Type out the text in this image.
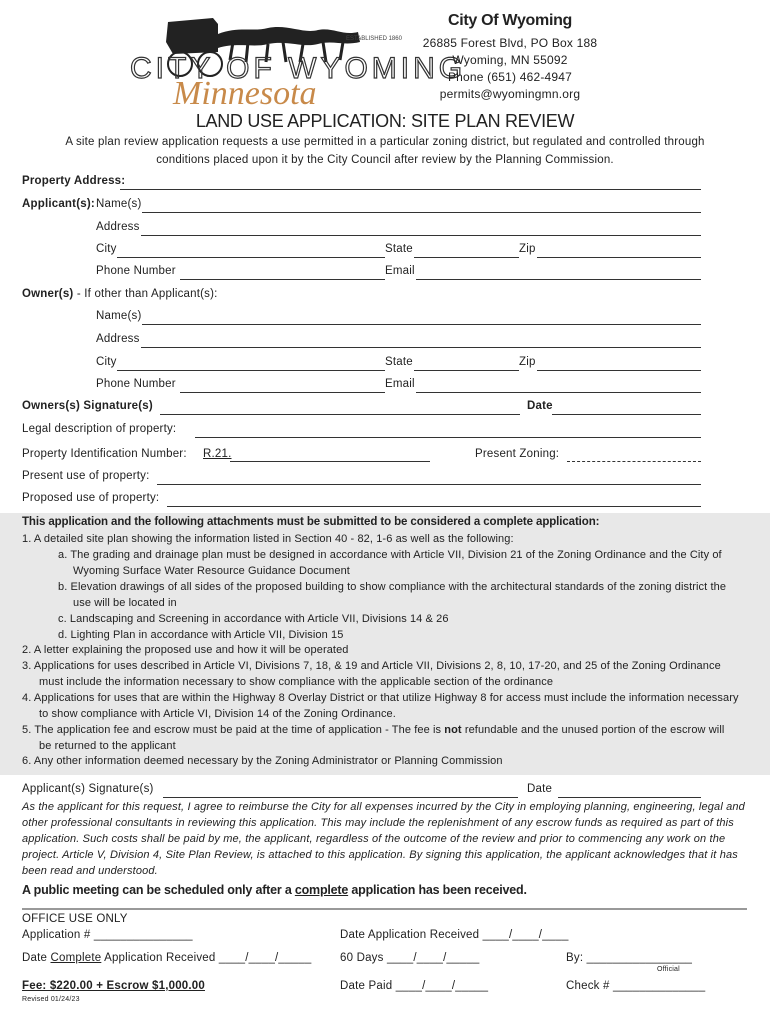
CITY OF WYOMING
ESTABLISHED 1860
Minnesota
City Of Wyoming
26885 Forest Blvd, PO Box 188
Wyoming, MN 55092
Phone (651) 462-4947
permits@wyomingmn.org
LAND USE APPLICATION: SITE PLAN REVIEW
A site plan review application requests a use permitted in a particular zoning district, but regulated and controlled through
conditions placed upon it by the City Council after review by the Planning Commission.
Property Address:
Applicant(s): Name(s)
Address
City	State	Zip
Phone Number	Email
Owner(s) - If other than Applicant(s):
Name(s)
Address
City	State	Zip
Phone Number	Email
Owners(s) Signature(s)	Date
Legal description of property:
Property Identification Number: R.21.	Present Zoning:
Present use of property:
Proposed use of property:
This application and the following attachments must be submitted to be considered a complete application:
1. A detailed site plan showing the information listed in Section 40 - 82, 1-6 as well as the following:
a. The grading and drainage plan must be designed in accordance with Article VII, Division 21 of the Zoning Ordinance and the City of
Wyoming Surface Water Resource Guidance Document
b. Elevation drawings of all sides of the proposed building to show compliance with the architectural standards of the zoning district the
use will be located in
c. Landscaping and Screening in accordance with Article VII, Divisions 14 & 26
d. Lighting Plan in accordance with Article VII, Division 15
2. A letter explaining the proposed use and how it will be operated
3. Applications for uses described in Article VI, Divisions 7, 18, & 19 and Article VII, Divisions 2, 8, 10, 17-20, and 25 of the Zoning Ordinance
must include the information necessary to show compliance with the applicable section of the ordinance
4. Applications for uses that are within the Highway 8 Overlay District or that utilize Highway 8 for access must include the information necessary
to show compliance with Article VI, Division 14 of the Zoning Ordinance.
5. The application fee and escrow must be paid at the time of application - The fee is not refundable and the unused portion of the escrow will
be returned to the applicant
6. Any other information deemed necessary by the Zoning Administrator or Planning Commission
Applicant(s) Signature(s)	Date
As the applicant for this request, I agree to reimburse the City for all expenses incurred by the City in employing planning, engineering, legal and
other professional consultants in reviewing this application. This may include the replenishment of any escrow funds as required as part of this
application. Such costs shall be paid by me, the applicant, regardless of the outcome of the review and prior to commencing any work on the
project. Article V, Division 4, Site Plan Review, is attached to this application. By signing this application, the applicant acknowledges that it has
been read and understood.
A public meeting can be scheduled only after a complete application has been received.
OFFICE USE ONLY
Application # _______________	Date Application Received ____/____/____
Date Complete Application Received ____/____/_____ 60 Days ____/____/_____	By: ________________
Official
Fee: $220.00 + Escrow $1,000.00	Date Paid ____/____/_____	Check # ______________
Revised 01/24/23
